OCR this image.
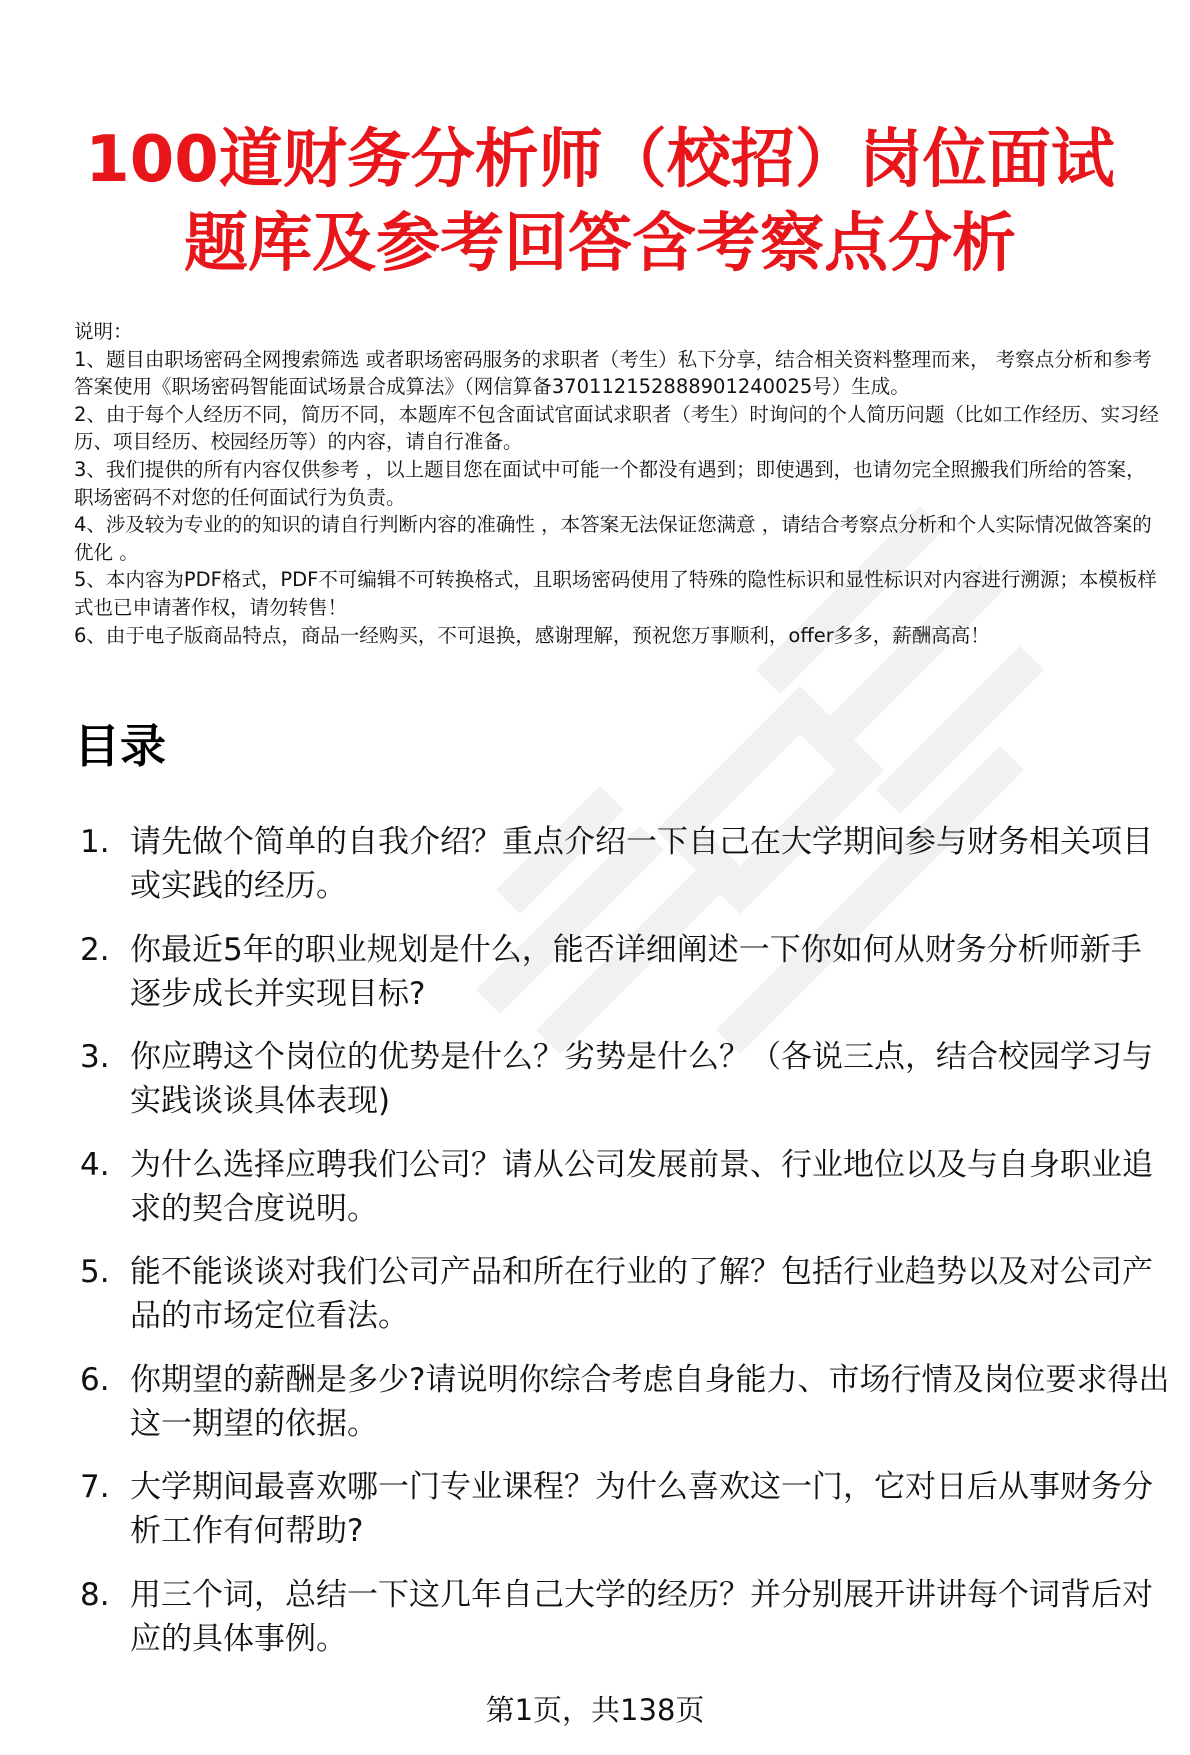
100道财务分析师（校招）岗位面试
题库及参考回答含考察点分析

说明：

1、题目由职场密码全网搜索筛选 或者职场密码服务的求职者（考生）私下分享，结合相关资料整理而来， 考察点分析和参考答案使用《职场密码智能面试场景合成算法》（网信算备370112152888901240025号）生成。

2、由于每个人经历不同，简历不同，本题库不包含面试官面试求职者（考生）时询问的个人简历问题（比如工作经历、实习经历、项目经历、校园经历等）的内容，请自行准备。

3、我们提供的所有内容仅供参考 ，以上题目您在面试中可能一个都没有遇到；即使遇到，也请勿完全照搬我们所给的答案，职场密码不对您的任何面试行为负责。

4、涉及较为专业的的知识的请自行判断内容的准确性 ，本答案无法保证您满意 ，请结合考察点分析和个人实际情况做答案的优化 。

5、本内容为PDF格式，PDF不可编辑不可转换格式，且职场密码使用了特殊的隐性标识和显性标识对内容进行溯源；本模板样式也已申请著作权，请勿转售！

6、由于电子版商品特点，商品一经购买，不可退换，感谢理解，预祝您万事顺利，offer多多，薪酬高高！

目录
1. 请先做个简单的自我介绍？重点介绍一下自己在大学期间参与财务相关项目或实践的经历。
2. 你最近5年的职业规划是什么，能否详细阐述一下你如何从财务分析师新手逐步成长并实现目标?
3. 你应聘这个岗位的优势是什么？劣势是什么？（各说三点，结合校园学习与实践谈谈具体表现)
4. 为什么选择应聘我们公司？请从公司发展前景、行业地位以及与自身职业追求的契合度说明。
5. 能不能谈谈对我们公司产品和所在行业的了解？包括行业趋势以及对公司产品的市场定位看法。
6. 你期望的薪酬是多少?请说明你综合考虑自身能力、市场行情及岗位要求得出这一期望的依据。
7. 大学期间最喜欢哪一门专业课程？为什么喜欢这一门，它对日后从事财务分析工作有何帮助?
8. 用三个词，总结一下这几年自己大学的经历？并分别展开讲讲每个词背后对应的具体事例。
第1页，共138页
